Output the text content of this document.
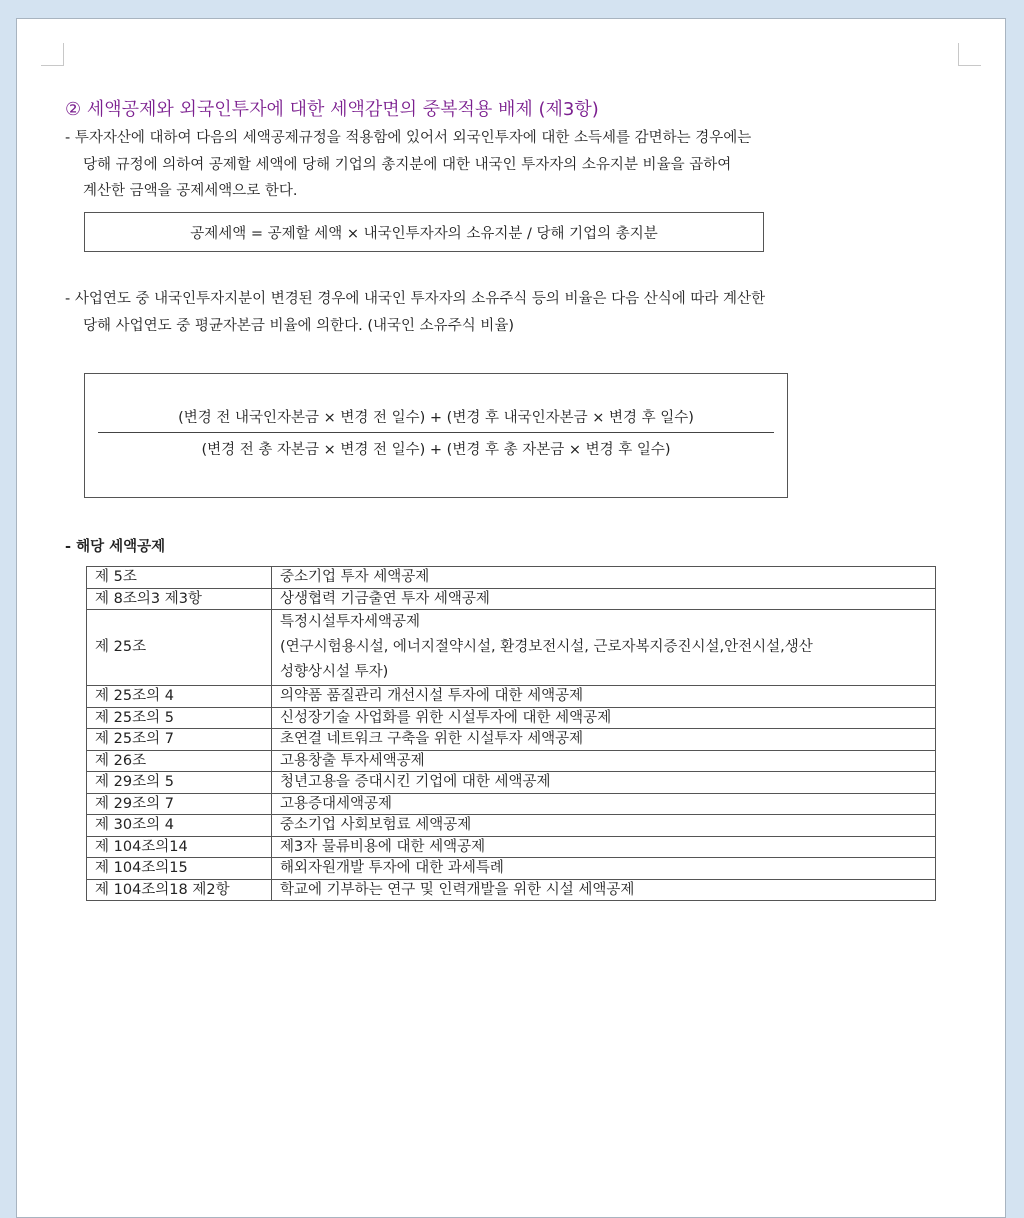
② 세액공제와 외국인투자에 대한 세액감면의 중복적용 배제 (제3항)
- 투자자산에 대하여 다음의 세액공제규정을 적용함에 있어서 외국인투자에 대한 소득세를 감면하는 경우에는
당해 규정에 의하여 공제할 세액에 당해 기업의 총지분에 대한 내국인 투자자의 소유지분 비율을 곱하여
계산한 금액을 공제세액으로 한다.
공제세액 = 공제할 세액 × 내국인투자자의 소유지분 / 당해 기업의 총지분
- 사업연도 중 내국인투자지분이 변경된 경우에 내국인 투자자의 소유주식 등의 비율은 다음 산식에 따라 계산한
당해 사업연도 중 평균자본금 비율에 의한다. (내국인 소유주식 비율)
(변경 전 내국인자본금 × 변경 전 일수) + (변경 후 내국인자본금 × 변경 후 일수)
(변경 전 총 자본금 × 변경 전 일수) + (변경 후 총 자본금 × 변경 후 일수)
- 해당 세액공제
제 5조	중소기업 투자 세액공제
제 8조의3 제3항	상생협력 기금출연 투자 세액공제
제 25조	특정시설투자세액공제
(연구시험용시설, 에너지절약시설, 환경보전시설, 근로자복지증진시설,안전시설,생산
성향상시설 투자)

제 25조의 4	의약품 품질관리 개선시설 투자에 대한 세액공제
제 25조의 5	신성장기술 사업화를 위한 시설투자에 대한 세액공제
제 25조의 7	초연결 네트워크 구축을 위한 시설투자 세액공제
제 26조	고용창출 투자세액공제
제 29조의 5	청년고용을 증대시킨 기업에 대한 세액공제
제 29조의 7	고용증대세액공제
제 30조의 4	중소기업 사회보험료 세액공제
제 104조의14	제3자 물류비용에 대한 세액공제
제 104조의15	해외자원개발 투자에 대한 과세특례
제 104조의18 제2항	학교에 기부하는 연구 및 인력개발을 위한 시설 세액공제
